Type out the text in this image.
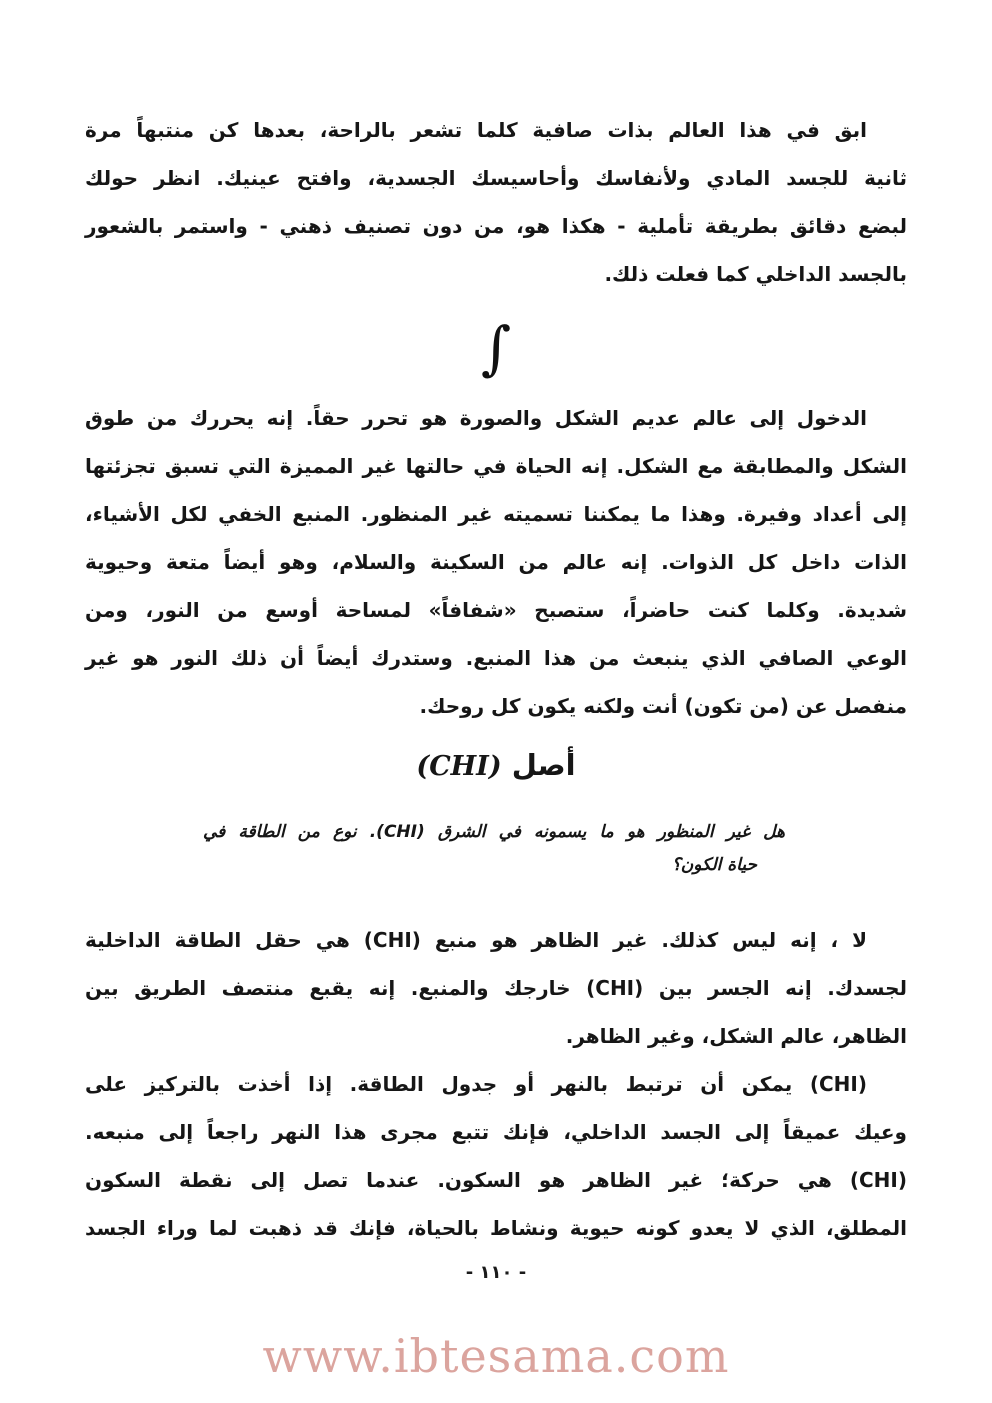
ابق في هذا العالم بذات صافية كلما تشعر بالراحة، بعدها كن منتبهاً مرة
ثانية للجسد المادي ولأنفاسك وأحاسيسك الجسدية، وافتح عينيك. انظر حولك
لبضع دقائق بطريقة تأملية - هكذا هو، من دون تصنيف ذهني - واستمر بالشعور
بالجسد الداخلي كما فعلت ذلك.
∫
الدخول إلى عالم عديم الشكل والصورة هو تحرر حقاً. إنه يحررك من طوق
الشكل والمطابقة مع الشكل. إنه الحياة في حالتها غير المميزة التي تسبق تجزئتها
إلى أعداد وفيرة. وهذا ما يمكننا تسميته غير المنظور. المنبع الخفي لكل الأشياء،
الذات داخل كل الذوات. إنه عالم من السكينة والسلام، وهو أيضاً متعة وحيوية
شديدة. وكلما كنت حاضراً، ستصبح «شفافاً» لمساحة أوسع من النور، ومن
الوعي الصافي الذي ينبعث من هذا المنبع. وستدرك أيضاً أن ذلك النور هو غير
منفصل عن (من تكون) أنت ولكنه يكون كل روحك.
أصل (CHI)
هل غير المنظور هو ما يسمونه في الشرق (CHI). نوع من الطاقة في
حياة الكون؟
لا ، إنه ليس كذلك. غير الظاهر هو منبع (CHI) هي حقل الطاقة الداخلية
لجسدك. إنه الجسر بين (CHI) خارجك والمنبع. إنه يقبع منتصف الطريق بين
الظاهر، عالم الشكل، وغير الظاهر.
(CHI) يمكن أن ترتبط بالنهر أو جدول الطاقة. إذا أخذت بالتركيز على
وعيك عميقاً إلى الجسد الداخلي، فإنك تتبع مجرى هذا النهر راجعاً إلى منبعه.
(CHI) هي حركة؛ غير الظاهر هو السكون. عندما تصل إلى نقطة السكون
المطلق، الذي لا يعدو كونه حيوية ونشاط بالحياة، فإنك قد ذهبت لما وراء الجسد
- ١١٠ -
www.ibtesama.com
